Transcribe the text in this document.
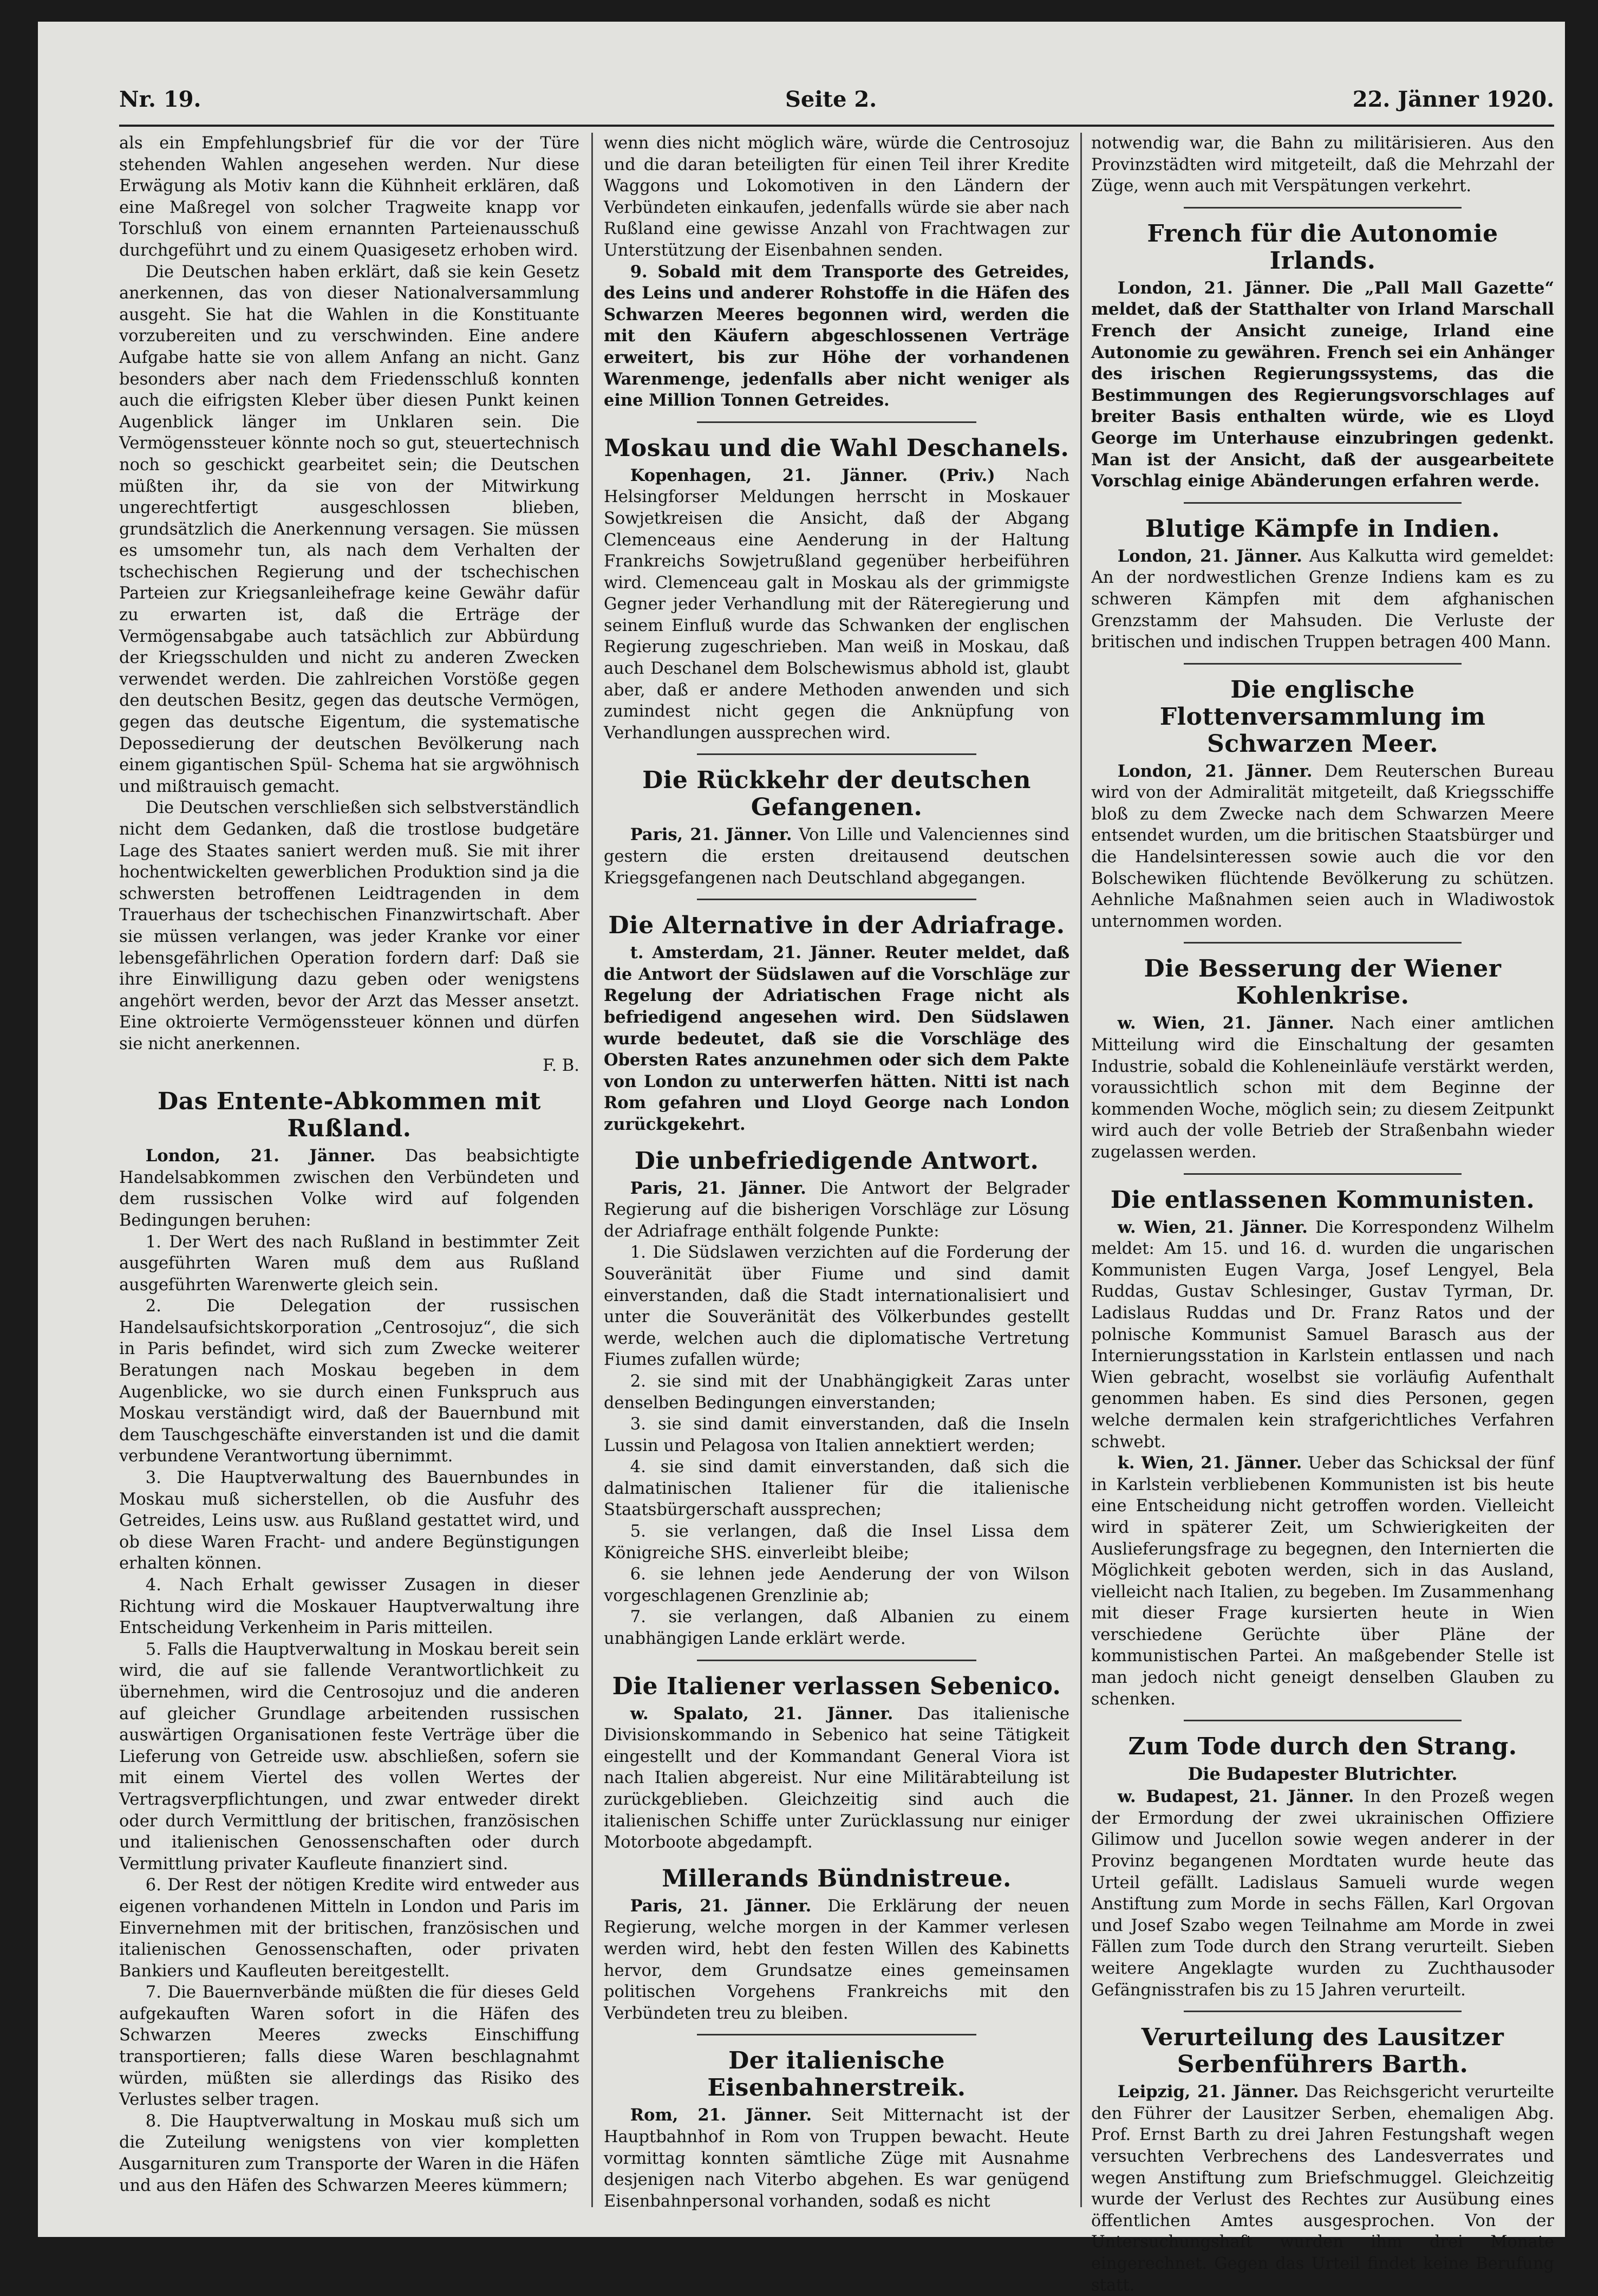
Nr. 19.	Seite 2.	22. Jänner 1920.

als ein Empfehlungsbrief für die vor der Türe stehenden Wahlen angesehen werden. Nur diese Erwägung als Motiv kann die Kühnheit erklären, daß eine Maßregel von solcher Tragweite knapp vor Torschluß von einem ernannten Parteienausschuß durchgeführt und zu einem Quasigesetz erhoben wird.

Die Deutschen haben erklärt, daß sie kein Gesetz anerkennen, das von dieser Nationalversammlung ausgeht. Sie hat die Wahlen in die Konstituante vorzubereiten und zu verschwinden. Eine andere Aufgabe hatte sie von allem Anfang an nicht. Ganz besonders aber nach dem Friedensschluß konnten auch die eifrigsten Kleber über diesen Punkt keinen Augenblick länger im Unklaren sein. Die Vermögenssteuer könnte noch so gut, steuertechnisch noch so geschickt gearbeitet sein; die Deutschen müßten ihr, da sie von der Mitwirkung ungerechtfertigt ausgeschlossen blieben, grundsätzlich die Anerkennung versagen. Sie müssen es umsomehr tun, als nach dem Verhalten der tschechischen Regierung und der tschechischen Parteien zur Kriegsanleihefrage keine Gewähr dafür zu erwarten ist, daß die Erträge der Vermögensabgabe auch tatsächlich zur Abbürdung der Kriegsschulden und nicht zu anderen Zwecken verwendet werden. Die zahlreichen Vorstöße gegen den deutschen Besitz, gegen das deutsche Vermögen, gegen das deutsche Eigentum, die systematische Depossedierung der deutschen Bevölkerung nach einem gigantischen Spül- Schema hat sie argwöhnisch und mißtrauisch gemacht.

Die Deutschen verschließen sich selbstverständlich nicht dem Gedanken, daß die trostlose budgetäre Lage des Staates saniert werden muß. Sie mit ihrer hochentwickelten gewerblichen Produktion sind ja die schwersten betroffenen Leidtragenden in dem Trauerhaus der tschechischen Finanzwirtschaft. Aber sie müssen verlangen, was jeder Kranke vor einer lebensgefährlichen Operation fordern darf: Daß sie ihre Einwilligung dazu geben oder wenigstens angehört werden, bevor der Arzt das Messer ansetzt. Eine oktroierte Vermögenssteuer können und dürfen sie nicht anerkennen.

F. B.

Das Entente-Abkommen mit Rußland.

London, 21. Jänner. Das beabsichtigte Handelsabkommen zwischen den Verbündeten und dem russischen Volke wird auf folgenden Bedingungen beruhen:

1. Der Wert des nach Rußland in bestimmter Zeit ausgeführten Waren muß dem aus Rußland ausgeführten Warenwerte gleich sein.

2. Die Delegation der russischen Handelsaufsichtskorporation „Centrosojuz“, die sich in Paris befindet, wird sich zum Zwecke weiterer Beratungen nach Moskau begeben in dem Augenblicke, wo sie durch einen Funkspruch aus Moskau verständigt wird, daß der Bauernbund mit dem Tauschgeschäfte einverstanden ist und die damit verbundene Verantwortung übernimmt.

3. Die Hauptverwaltung des Bauernbundes in Moskau muß sicherstellen, ob die Ausfuhr des Getreides, Leins usw. aus Rußland gestattet wird, und ob diese Waren Fracht- und andere Begünstigungen erhalten können.

4. Nach Erhalt gewisser Zusagen in dieser Richtung wird die Moskauer Hauptverwaltung ihre Entscheidung Verkenheim in Paris mitteilen.

5. Falls die Hauptverwaltung in Moskau bereit sein wird, die auf sie fallende Verantwortlichkeit zu übernehmen, wird die Centrosojuz und die anderen auf gleicher Grundlage arbeitenden russischen auswärtigen Organisationen feste Verträge über die Lieferung von Getreide usw. abschließen, sofern sie mit einem Viertel des vollen Wertes der Vertragsverpflichtungen, und zwar entweder direkt oder durch Vermittlung der britischen, französischen und italienischen Genossenschaften oder durch Vermittlung privater Kaufleute finanziert sind.

6. Der Rest der nötigen Kredite wird entweder aus eigenen vorhandenen Mitteln in London und Paris im Einvernehmen mit der britischen, französischen und italienischen Genossenschaften, oder privaten Bankiers und Kaufleuten bereitgestellt.

7. Die Bauernverbände müßten die für dieses Geld aufgekauften Waren sofort in die Häfen des Schwarzen Meeres zwecks Einschiffung transportieren; falls diese Waren beschlagnahmt würden, müßten sie allerdings das Risiko des Verlustes selber tragen.

8. Die Hauptverwaltung in Moskau muß sich um die Zuteilung wenigstens von vier kompletten Ausgarnituren zum Transporte der Waren in die Häfen und aus den Häfen des Schwarzen Meeres kümmern;

wenn dies nicht möglich wäre, würde die Centrosojuz und die daran beteiligten für einen Teil ihrer Kredite Waggons und Lokomotiven in den Ländern der Verbündeten einkaufen, jedenfalls würde sie aber nach Rußland eine gewisse Anzahl von Frachtwagen zur Unterstützung der Eisenbahnen senden.

9. Sobald mit dem Transporte des Getreides, des Leins und anderer Rohstoffe in die Häfen des Schwarzen Meeres begonnen wird, werden die mit den Käufern abgeschlossenen Verträge erweitert, bis zur Höhe der vorhandenen Warenmenge, jedenfalls aber nicht weniger als eine Million Tonnen Getreides.

Moskau und die Wahl Deschanels.

Kopenhagen, 21. Jänner. (Priv.) Nach Helsingforser Meldungen herrscht in Moskauer Sowjetkreisen die Ansicht, daß der Abgang Clemenceaus eine Aenderung in der Haltung Frankreichs Sowjetrußland gegenüber herbeiführen wird. Clemenceau galt in Moskau als der grimmigste Gegner jeder Verhandlung mit der Räteregierung und seinem Einfluß wurde das Schwanken der englischen Regierung zugeschrieben. Man weiß in Moskau, daß auch Deschanel dem Bolschewismus abhold ist, glaubt aber, daß er andere Methoden anwenden und sich zumindest nicht gegen die Anknüpfung von Verhandlungen aussprechen wird.

Die Rückkehr der deutschen Gefangenen.

Paris, 21. Jänner. Von Lille und Valenciennes sind gestern die ersten dreitausend deutschen Kriegsgefangenen nach Deutschland abgegangen.

Die Alternative in der Adriafrage.

t. Amsterdam, 21. Jänner. Reuter meldet, daß die Antwort der Südslawen auf die Vorschläge zur Regelung der Adriatischen Frage nicht als befriedigend angesehen wird. Den Südslawen wurde bedeutet, daß sie die Vorschläge des Obersten Rates anzunehmen oder sich dem Pakte von London zu unterwerfen hätten. Nitti ist nach Rom gefahren und Lloyd George nach London zurückgekehrt.

Die unbefriedigende Antwort.

Paris, 21. Jänner. Die Antwort der Belgrader Regierung auf die bisherigen Vorschläge zur Lösung der Adriafrage enthält folgende Punkte:

1. Die Südslawen verzichten auf die Forderung der Souveränität über Fiume und sind damit einverstanden, daß die Stadt internationalisiert und unter die Souveränität des Völkerbundes gestellt werde, welchen auch die diplomatische Vertretung Fiumes zufallen würde;

2. sie sind mit der Unabhängigkeit Zaras unter denselben Bedingungen einverstanden;

3. sie sind damit einverstanden, daß die Inseln Lussin und Pelagosa von Italien annektiert werden;

4. sie sind damit einverstanden, daß sich die dalmatinischen Italiener für die italienische Staatsbürgerschaft aussprechen;

5. sie verlangen, daß die Insel Lissa dem Königreiche SHS. einverleibt bleibe;

6. sie lehnen jede Aenderung der von Wilson vorgeschlagenen Grenzlinie ab;

7. sie verlangen, daß Albanien zu einem unabhängigen Lande erklärt werde.

Die Italiener verlassen Sebenico.

w. Spalato, 21. Jänner. Das italienische Divisionskommando in Sebenico hat seine Tätigkeit eingestellt und der Kommandant General Viora ist nach Italien abgereist. Nur eine Militärabteilung ist zurückgeblieben. Gleichzeitig sind auch die italienischen Schiffe unter Zurücklassung nur einiger Motorboote abgedampft.

Millerands Bündnistreue.

Paris, 21. Jänner. Die Erklärung der neuen Regierung, welche morgen in der Kammer verlesen werden wird, hebt den festen Willen des Kabinetts hervor, dem Grundsatze eines gemeinsamen politischen Vorgehens Frankreichs mit den Verbündeten treu zu bleiben.

Der italienische Eisenbahnerstreik.

Rom, 21. Jänner. Seit Mitternacht ist der Hauptbahnhof in Rom von Truppen bewacht. Heute vormittag konnten sämtliche Züge mit Ausnahme desjenigen nach Viterbo abgehen. Es war genügend Eisenbahnpersonal vorhanden, sodaß es nicht

notwendig war, die Bahn zu militärisieren. Aus den Provinzstädten wird mitgeteilt, daß die Mehrzahl der Züge, wenn auch mit Verspätungen verkehrt.

French für die Autonomie Irlands.

London, 21. Jänner. Die „Pall Mall Gazette“ meldet, daß der Statthalter von Irland Marschall French der Ansicht zuneige, Irland eine Autonomie zu gewähren. French sei ein Anhänger des irischen Regierungssystems, das die Bestimmungen des Regierungsvorschlages auf breiter Basis enthalten würde, wie es Lloyd George im Unterhause einzubringen gedenkt. Man ist der Ansicht, daß der ausgearbeitete Vorschlag einige Abänderungen erfahren werde.

Blutige Kämpfe in Indien.

London, 21. Jänner. Aus Kalkutta wird gemeldet: An der nordwestlichen Grenze Indiens kam es zu schweren Kämpfen mit dem afghanischen Grenzstamm der Mahsuden. Die Verluste der britischen und indischen Truppen betragen 400 Mann.

Die englische Flottenversammlung im Schwarzen Meer.

London, 21. Jänner. Dem Reuterschen Bureau wird von der Admiralität mitgeteilt, daß Kriegsschiffe bloß zu dem Zwecke nach dem Schwarzen Meere entsendet wurden, um die britischen Staatsbürger und die Handelsinteressen sowie auch die vor den Bolschewiken flüchtende Bevölkerung zu schützen. Aehnliche Maßnahmen seien auch in Wladiwostok unternommen worden.

Die Besserung der Wiener Kohlenkrise.

w. Wien, 21. Jänner. Nach einer amtlichen Mitteilung wird die Einschaltung der gesamten Industrie, sobald die Kohleneinläufe verstärkt werden, voraussichtlich schon mit dem Beginne der kommenden Woche, möglich sein; zu diesem Zeitpunkt wird auch der volle Betrieb der Straßenbahn wieder zugelassen werden.

Die entlassenen Kommunisten.

w. Wien, 21. Jänner. Die Korrespondenz Wilhelm meldet: Am 15. und 16. d. wurden die ungarischen Kommunisten Eugen Varga, Josef Lengyel, Bela Ruddas, Gustav Schlesinger, Gustav Tyrman, Dr. Ladislaus Ruddas und Dr. Franz Ratos und der polnische Kommunist Samuel Barasch aus der Internierungsstation in Karlstein entlassen und nach Wien gebracht, woselbst sie vorläufig Aufenthalt genommen haben. Es sind dies Personen, gegen welche dermalen kein strafgerichtliches Verfahren schwebt.

k. Wien, 21. Jänner. Ueber das Schicksal der fünf in Karlstein verbliebenen Kommunisten ist bis heute eine Entscheidung nicht getroffen worden. Vielleicht wird in späterer Zeit, um Schwierigkeiten der Auslieferungsfrage zu begegnen, den Internierten die Möglichkeit geboten werden, sich in das Ausland, vielleicht nach Italien, zu begeben. Im Zusammenhang mit dieser Frage kursierten heute in Wien verschiedene Gerüchte über Pläne der kommunistischen Partei. An maßgebender Stelle ist man jedoch nicht geneigt denselben Glauben zu schenken.

Zum Tode durch den Strang.
Die Budapester Blutrichter.

w. Budapest, 21. Jänner. In den Prozeß wegen der Ermordung der zwei ukrainischen Offiziere Gilimow und Jucellon sowie wegen anderer in der Provinz begangenen Mordtaten wurde heute das Urteil gefällt. Ladislaus Samueli wurde wegen Anstiftung zum Morde in sechs Fällen, Karl Orgovan und Josef Szabo wegen Teilnahme am Morde in zwei Fällen zum Tode durch den Strang verurteilt. Sieben weitere Angeklagte wurden zu Zuchthausoder Gefängnisstrafen bis zu 15 Jahren verurteilt.

Verurteilung des Lausitzer Serbenführers Barth.

Leipzig, 21. Jänner. Das Reichsgericht verurteilte den Führer der Lausitzer Serben, ehemaligen Abg. Prof. Ernst Barth zu drei Jahren Festungshaft wegen versuchten Verbrechens des Landesverrates und wegen Anstiftung zum Briefschmuggel. Gleichzeitig wurde der Verlust des Rechtes zur Ausübung eines öffentlichen Amtes ausgesprochen. Von der Untersuchungshaft wurden ihm drei Monate eingerechnet. Gegen das Urteil findet keine Berufung statt.
